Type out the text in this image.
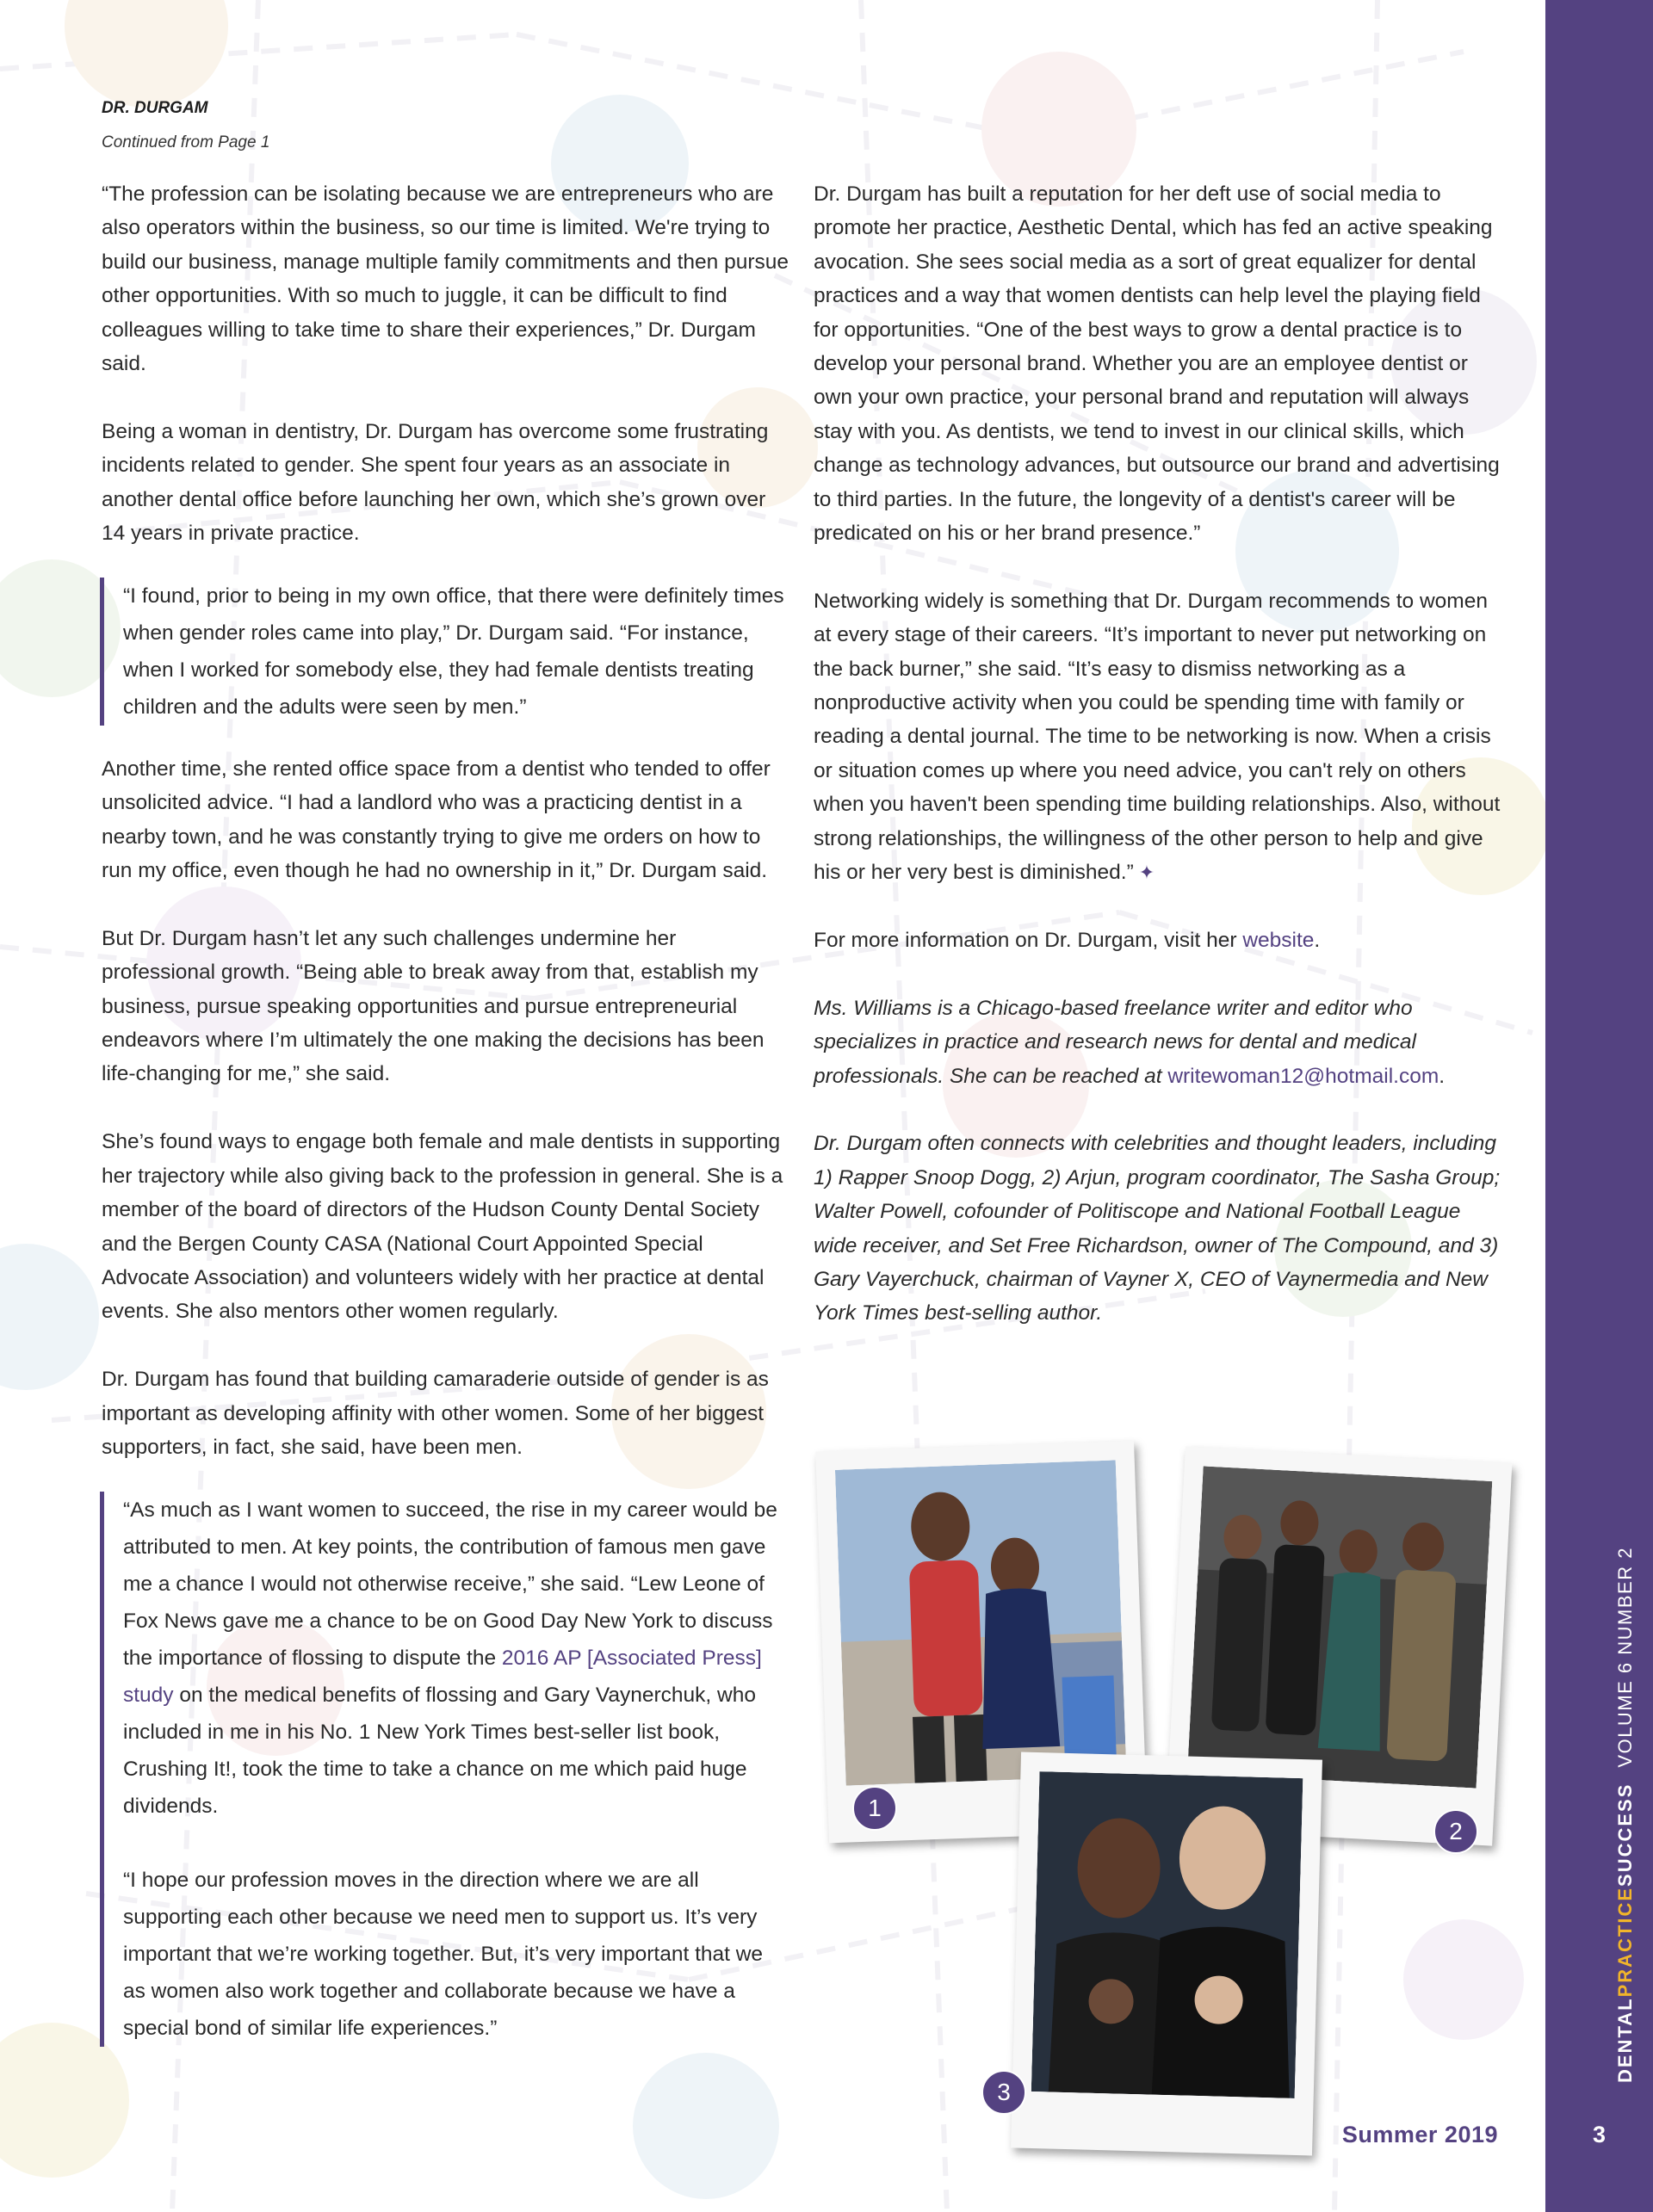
DR. DURGAM
Continued from Page 1

“The profession can be isolating because we are entrepreneurs who are also operators within the business, so our time is limited. We're trying to build our business, manage multiple family commitments and then pursue other opportunities. With so much to juggle, it can be difficult to find colleagues willing to take time to share their experiences,” Dr. Durgam said.

Being a woman in dentistry, Dr. Durgam has overcome some frustrating incidents related to gender. She spent four years as an associate in another dental office before launching her own, which she’s grown over 14 years in private practice.

“I found, prior to being in my own office, that there were definitely times when gender roles came into play,” Dr. Durgam said. “For instance, when I worked for somebody else, they had female dentists treating children and the adults were seen by men.”

Another time, she rented office space from a dentist who tended to offer unsolicited advice. “I had a landlord who was a practicing dentist in a nearby town, and he was constantly trying to give me orders on how to run my office, even though he had no ownership in it,” Dr. Durgam said.

But Dr. Durgam hasn’t let any such challenges undermine her professional growth. “Being able to break away from that, establish my business, pursue speaking opportunities and pursue entrepreneurial endeavors where I’m ultimately the one making the decisions has been life-changing for me,” she said.

She’s found ways to engage both female and male dentists in supporting her trajectory while also giving back to the profession in general. She is a member of the board of directors of the Hudson County Dental Society and the Bergen County CASA (National Court Appointed Special Advocate Association) and volunteers widely with her practice at dental events. She also mentors other women regularly.

Dr. Durgam has found that building camaraderie outside of gender is as important as developing affinity with other women. Some of her biggest supporters, in fact, she said, have been men.

“As much as I want women to succeed, the rise in my career would be attributed to men. At key points, the contribution of famous men gave me a chance I would not otherwise receive,” she said. “Lew Leone of Fox News gave me a chance to be on Good Day New York to discuss the importance of flossing to dispute the 2016 AP [Associated Press] study on the medical benefits of flossing and Gary Vaynerchuk, who included in me in his No. 1 New York Times best-seller list book, Crushing It!, took the time to take a chance on me which paid huge dividends.

“I hope our profession moves in the direction where we are all supporting each other because we need men to support us. It’s very important that we’re working together. But, it’s very important that we as women also work together and collaborate because we have a special bond of similar life experiences.”

Dr. Durgam has built a reputation for her deft use of social media to promote her practice, Aesthetic Dental, which has fed an active speaking avocation. She sees social media as a sort of great equalizer for dental practices and a way that women dentists can help level the playing field for opportunities. “One of the best ways to grow a dental practice is to develop your personal brand. Whether you are an employee dentist or own your own practice, your personal brand and reputation will always stay with you. As dentists, we tend to invest in our clinical skills, which change as technology advances, but outsource our brand and advertising to third parties. In the future, the longevity of a dentist's career will be predicated on his or her brand presence.”

Networking widely is something that Dr. Durgam recommends to women at every stage of their careers. “It’s important to never put networking on the back burner,” she said. “It’s easy to dismiss networking as a nonproductive activity when you could be spending time with family or reading a dental journal. The time to be networking is now. When a crisis or situation comes up where you need advice, you can't rely on others when you haven't been spending time building relationships. Also, without strong relationships, the willingness of the other person to help and give his or her very best is diminished.” ✦

For more information on Dr. Durgam, visit her website.

Ms. Williams is a Chicago-based freelance writer and editor who specializes in practice and research news for dental and medical professionals. She can be reached at writewoman12@hotmail.com.

Dr. Durgam often connects with celebrities and thought leaders, including 1) Rapper Snoop Dogg, 2) Arjun, program coordinator, The Sasha Group; Walter Powell, cofounder of Politiscope and National Football League wide receiver, and Set Free Richardson, owner of The Compound, and 3) Gary Vayerchuck, chairman of Vayner X, CEO of Vaynermedia and New York Times best-selling author.

1
2
3
Summer 2019
DENTALPRACTICESUCCESSVOLUME 6 NUMBER 2
3
